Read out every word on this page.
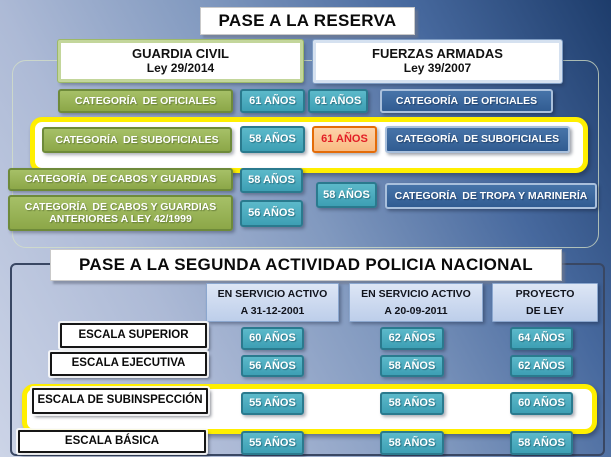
PASE A LA RESERVA
GUARDIA CIVIL
Ley 29/2014
FUERZAS ARMADAS
Ley 39/2007
CATEGORÍA  DE OFICIALES	61 AÑOS	61 AÑOS	CATEGORÍA  DE OFICIALES
CATEGORÍA  DE SUBOFICIALES	58 AÑOS	61 AÑOS	CATEGORÍA  DE SUBOFICIALES
CATEGORÍA  DE CABOS Y GUARDIAS	58 AÑOS
58 AÑOS	CATEGORÍA  DE TROPA Y MARINERÍA
CATEGORÍA  DE CABOS Y GUARDIAS
ANTERIORES A LEY 42/1999	56 AÑOS
PASE A LA SEGUNDA ACTIVIDAD POLICIA NACIONAL
EN SERVICIO ACTIVO
A 31-12-2001
EN SERVICIO ACTIVO
A 20-09-2011
PROYECTO
DE LEY
ESCALA SUPERIOR	60 AÑOS	62 AÑOS	64 AÑOS
ESCALA EJECUTIVA	56 AÑOS	58 AÑOS	62 AÑOS
ESCALA DE SUBINSPECCIÓN	55 AÑOS	58 AÑOS	60 AÑOS
ESCALA BÁSICA	55 AÑOS	58 AÑOS	58 AÑOS
